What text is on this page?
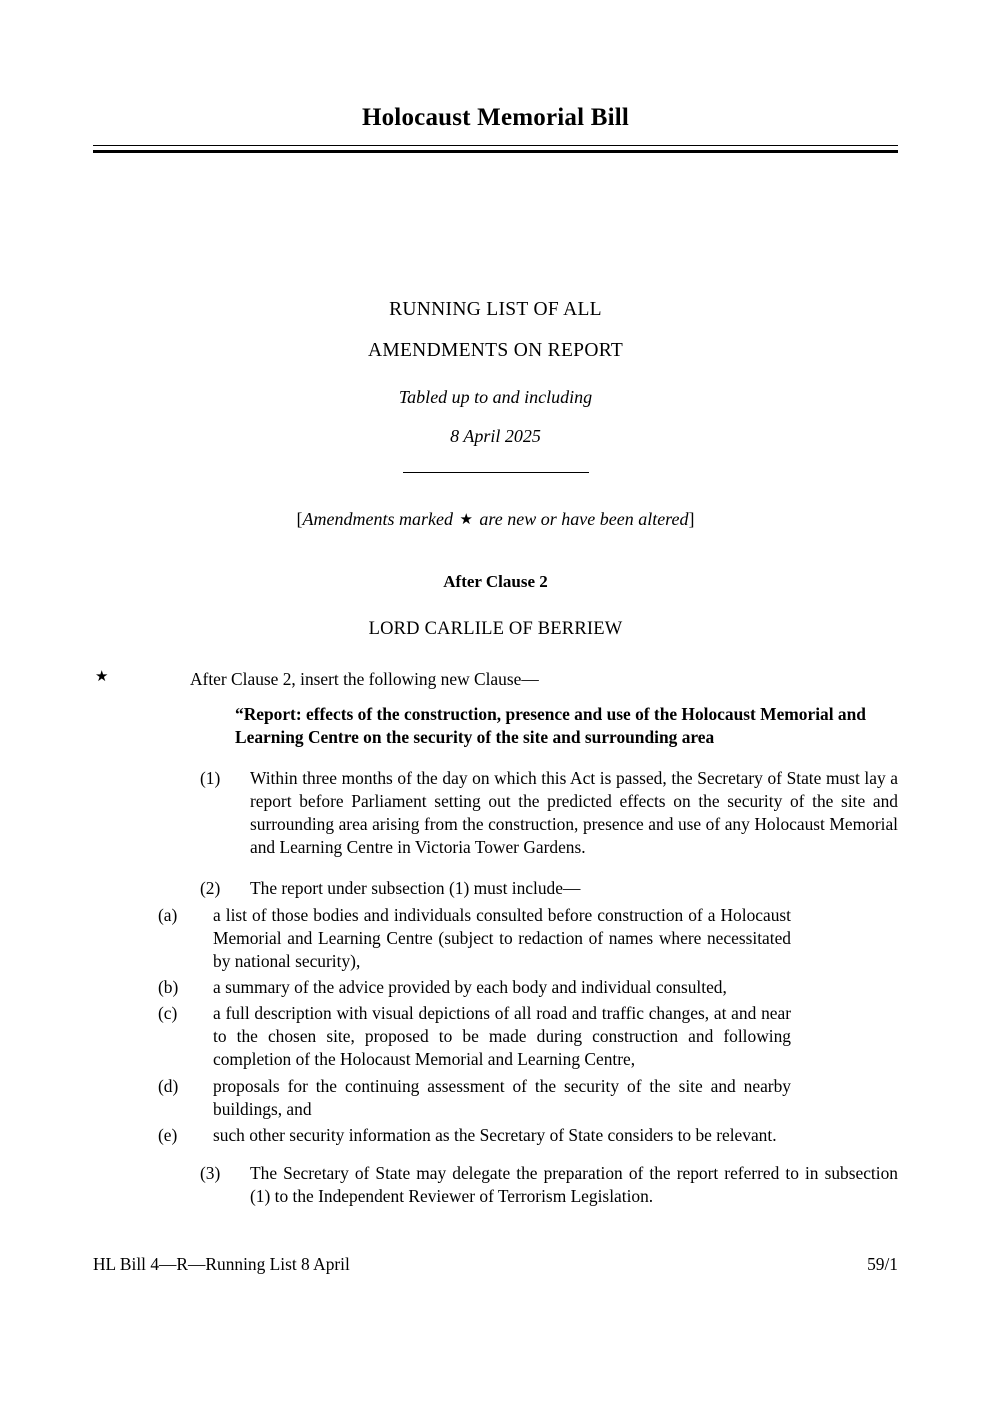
Holocaust Memorial Bill
RUNNING LIST OF ALL
AMENDMENTS ON REPORT
Tabled up to and including
8 April 2025
[Amendments marked ★ are new or have been altered]
After Clause 2
LORD CARLILE OF BERRIEW
★	After Clause 2, insert the following new Clause—

“Report: effects of the construction, presence and use of the Holocaust Memorial and Learning Centre on the security of the site and surrounding area

(1)	Within three months of the day on which this Act is passed, the Secretary of State must lay a report before Parliament setting out the predicted effects on the security of the site and surrounding area arising from the construction, presence and use of any Holocaust Memorial and Learning Centre in Victoria Tower Gardens.
(2)	The report under subsection (1) must include—
(a)	a list of those bodies and individuals consulted before construction of a Holocaust Memorial and Learning Centre (subject to redaction of names where necessitated by national security),
(b)	a summary of the advice provided by each body and individual consulted,
(c)	a full description with visual depictions of all road and traffic changes, at and near to the chosen site, proposed to be made during construction and following completion of the Holocaust Memorial and Learning Centre,
(d)	proposals for the continuing assessment of the security of the site and nearby buildings, and
(e)	such other security information as the Secretary of State considers to be relevant.
(3)	The Secretary of State may delegate the preparation of the report referred to in subsection (1) to the Independent Reviewer of Terrorism Legislation.
HL Bill 4—R—Running List 8 April	59/1
